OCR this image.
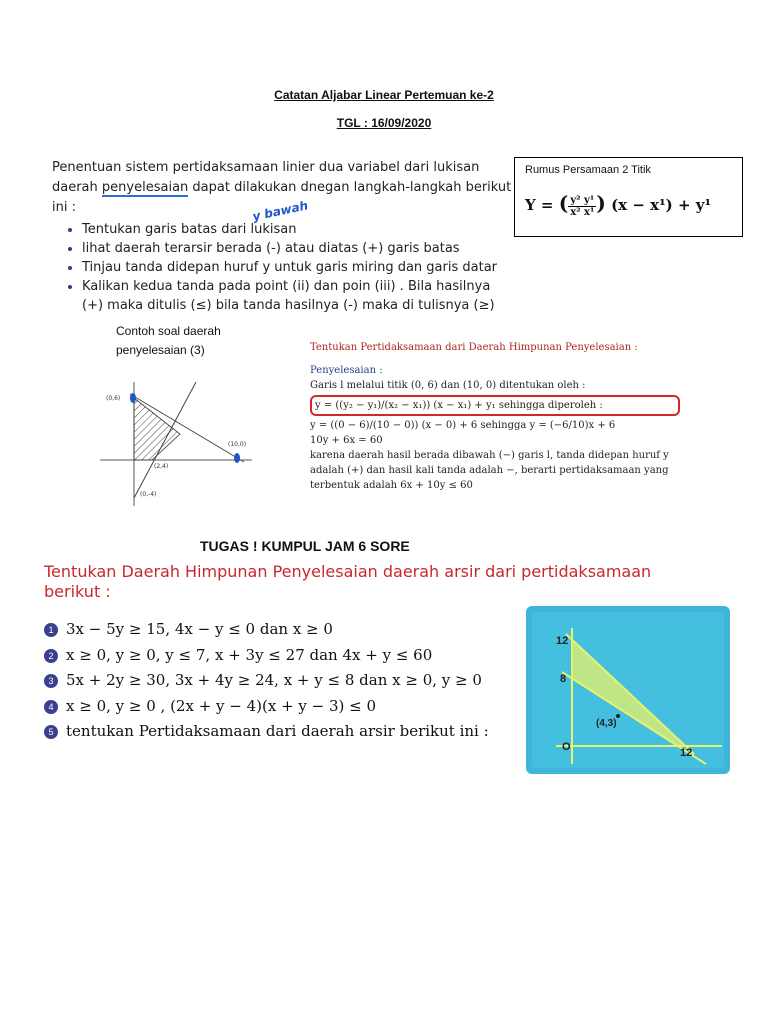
Catatan Aljabar Linear Pertemuan ke-2
TGL : 16/09/2020

Penentuan sistem pertidaksamaan linier dua variabel dari lukisan daerah penyelesaian dapat dilakukan dnegan langkah-langkah berikut ini :

• Tentukan garis batas dari lukisan
• lihat daerah terarsir berada (-) atau diatas (+) garis batas
• Tinjau tanda didepan huruf y untuk garis miring dan garis datar
• Kalikan kedua tanda pada point (ii) dan poin (iii) . Bila hasilnya (+) maka ditulis (≤) bila tanda hasilnya (-) maka di tulisnya (≥)
y bawah
Rumus Persamaan 2 Titik
Y = ( $\frac{\text{y² y¹}}{\text{x² x¹}}$ ) (x − x¹) + y¹
Contoh soal daerah penyelesaian (3)
(0,6)
(10,0)
(2,4)
(0,-4)
Tentukan Pertidaksamaan dari Daerah Himpunan Penyelesaian :
Penyelesaian :
Garis l melalui titik (0, 6) dan (10, 0) ditentukan oleh :
y = ((y₂ − y₁)/(x₂ − x₁)) (x − x₁) + y₁ sehingga diperoleh :
y = ((0 − 6)/(10 − 0)) (x − 0) + 6 sehingga y = (−6/10)x + 6
10y + 6x = 60
karena daerah hasil berada dibawah (−) garis l, tanda didepan huruf y adalah (+) dan hasil kali tanda adalah −, berarti pertidaksamaan yang terbentuk adalah 6x + 10y ≤ 60
TUGAS ! KUMPUL JAM 6 SORE
Tentukan Daerah Himpunan Penyelesaian daerah arsir dari pertidaksamaan berikut :
1 3x − 5y ≥ 15, 4x − y ≤ 0 dan x ≥ 0
2 x ≥ 0, y ≥ 0, y ≤ 7, x + 3y ≤ 27 dan 4x + y ≤ 60
3 5x + 2y ≥ 30, 3x + 4y ≥ 24, x + y ≤ 8 dan x ≥ 0, y ≥ 0
4 x ≥ 0, y ≥ 0 , (2x + y − 4)(x + y − 3) ≤ 0
5 tentukan Pertidaksamaan dari daerah arsir berikut ini :
12
8
(4,3)
O	12
